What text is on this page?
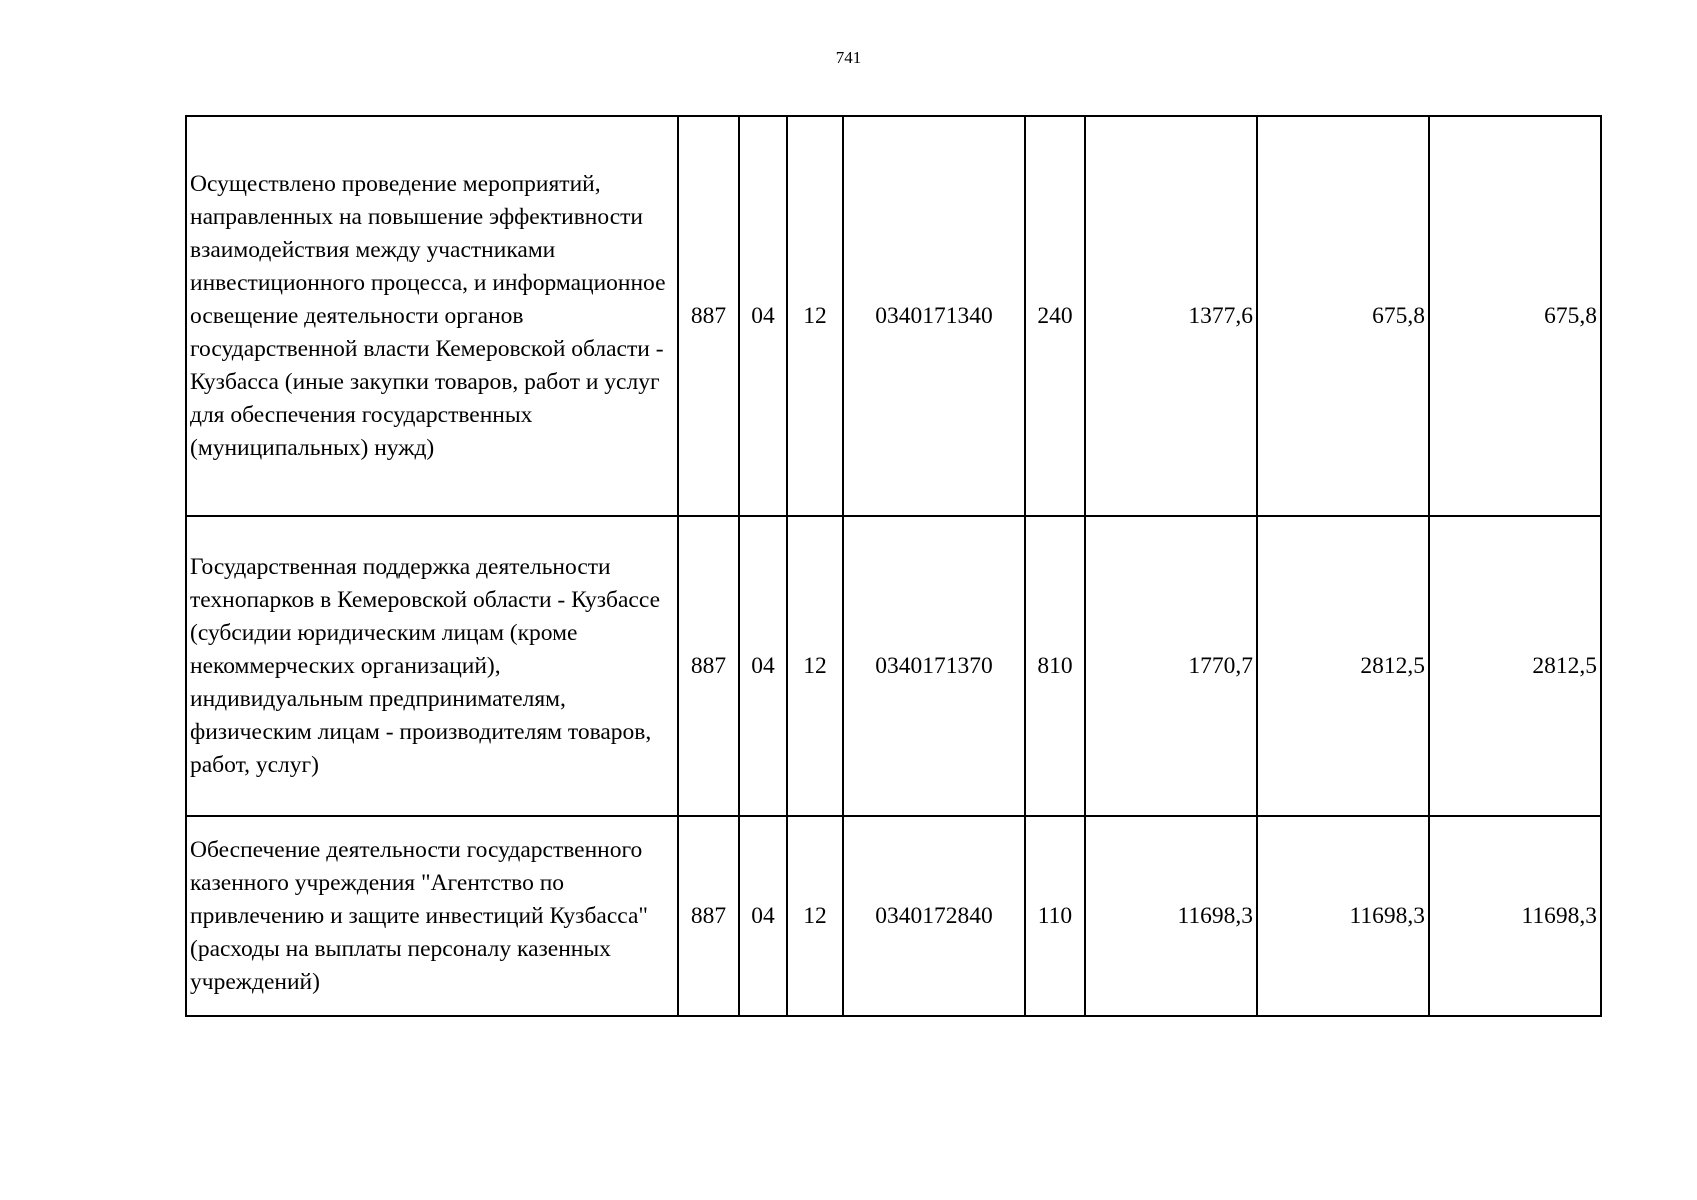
741
Осуществлено проведение мероприятий, направленных на повышение эффективности взаимодействия между участниками инвестиционного процесса, и информационное освещение деятельности органов государственной власти Кемеровской области - Кузбасса (иные закупки товаров, работ и услуг для обеспечения государственных (муниципальных) нужд)	887	04	12	0340171340	240	1377,6	675,8	675,8
Государственная поддержка деятельности технопарков в Кемеровской области - Кузбассе (субсидии юридическим лицам (кроме некоммерческих организаций), индивидуальным предпринимателям, физическим лицам - производителям товаров, работ, услуг)	887	04	12	0340171370	810	1770,7	2812,5	2812,5
Обеспечение деятельности государственного казенного учреждения "Агентство по привлечению и защите инвестиций Кузбасса" (расходы на выплаты персоналу казенных учреждений)	887	04	12	0340172840	110	11698,3	11698,3	11698,3
